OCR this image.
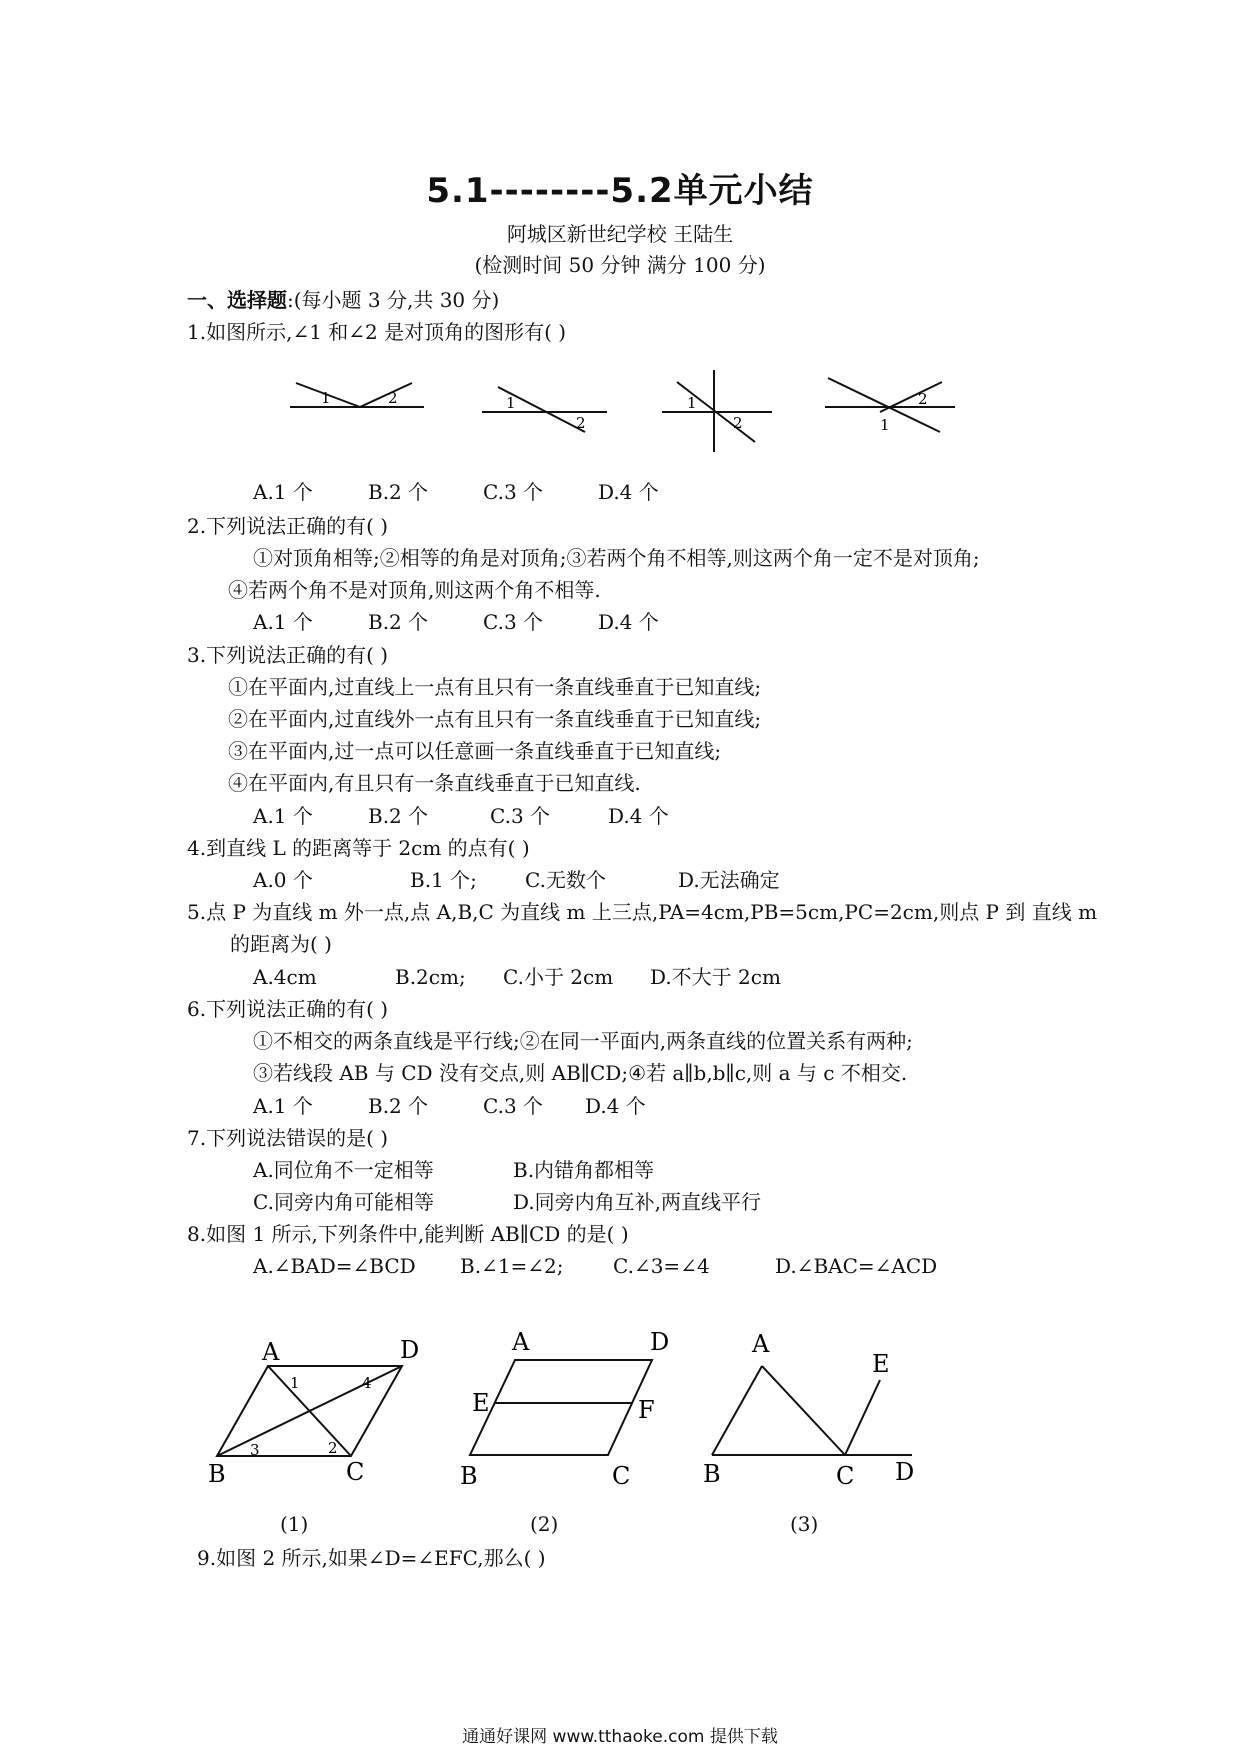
5.1--------5.2单元小结
阿城区新世纪学校 王陆生
(检测时间 50 分钟 满分 100 分)
一、选择题:(每小题 3 分,共 30 分)
1.如图所示,∠1 和∠2 是对顶角的图形有( )
1	2	1
2
1
2	1
2
A	D
B	C
1	4
3	2
A	D
E	F
B	C
A
E
B	C D
A.1 个	B.2 个	C.3 个	D.4 个
2.下列说法正确的有( )
①对顶角相等;②相等的角是对顶角;③若两个角不相等,则这两个角一定不是对顶角;
④若两个角不是对顶角,则这两个角不相等.
A.1 个	B.2 个	C.3 个	D.4 个
3.下列说法正确的有( )
①在平面内,过直线上一点有且只有一条直线垂直于已知直线;
②在平面内,过直线外一点有且只有一条直线垂直于已知直线;
③在平面内,过一点可以任意画一条直线垂直于已知直线;
④在平面内,有且只有一条直线垂直于已知直线.
A.1 个	B.2 个	C.3 个	D.4 个
4.到直线 L 的距离等于 2cm 的点有( )
A.0 个	B.1 个; C.无数个	D.无法确定
5.点 P 为直线 m 外一点,点 A,B,C 为直线 m 上三点,PA=4cm,PB=5cm,PC=2cm,则点 P 到 直线 m
的距离为( )
A.4cm	B.2cm; C.小于 2cm D.不大于 2cm
6.下列说法正确的有( )
①不相交的两条直线是平行线;②在同一平面内,两条直线的位置关系有两种;
③若线段 AB 与 CD 没有交点,则 AB∥CD;④若 a∥b,b∥c,则 a 与 c 不相交.
A.1 个	B.2 个	C.3 个 D.4 个
7.下列说法错误的是( )
A.同位角不一定相等	B.内错角都相等
C.同旁内角可能相等	D.同旁内角互补,两直线平行
8.如图 1 所示,下列条件中,能判断 AB∥CD 的是( )
A.∠BAD=∠BCD B.∠1=∠2; C.∠3=∠4	D.∠BAC=∠ACD
(1)	(2)	(3)
9.如图 2 所示,如果∠D=∠EFC,那么( )
通通好课网 www.tthaoke.com 提供下载
